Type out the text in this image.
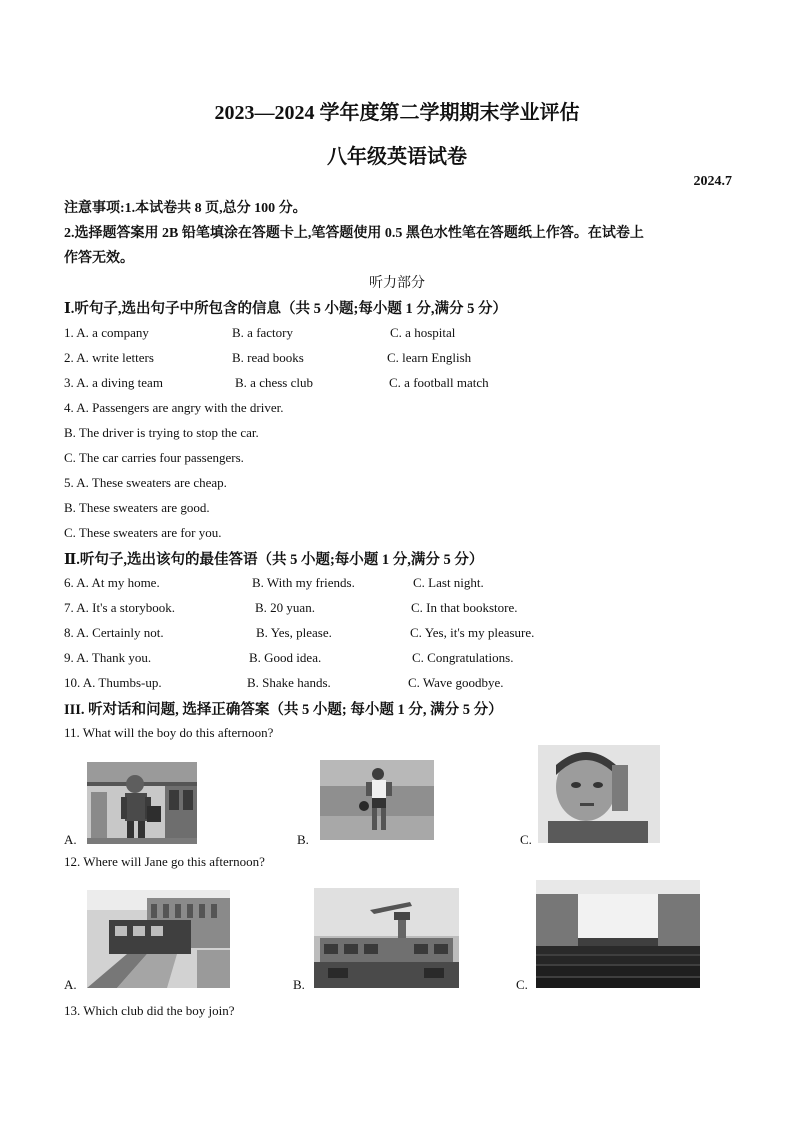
2023—2024 学年度第二学期期末学业评估
八年级英语试卷
2024.7
注意事项:1.本试卷共 8 页,总分 100 分。
2.选择题答案用 2B 铅笔填涂在答题卡上,笔答题使用 0.5 黑色水性笔在答题纸上作答。在试卷上
作答无效。
听力部分
Ⅰ.听句子,选出句子中所包含的信息（共 5 小题;每小题 1 分,满分 5 分）
1. A. a company	B. a factory	C. a hospital
2. A. write letters	B. read books	C. learn English
3. A. a diving team	B. a chess club	C. a football match
4. A. Passengers are angry with the driver.
B. The driver is trying to stop the car.
C. The car carries four passengers.
5. A. These sweaters are cheap.
B. These sweaters are good.
C. These sweaters are for you.
Ⅱ.听句子,选出该句的最佳答语（共 5 小题;每小题 1 分,满分 5 分）
6. A. At my home.	B. With my friends.	C. Last night.
7. A. It's a storybook.	B. 20 yuan.	C. In that bookstore.
8. A. Certainly not.	B. Yes, please.	C. Yes, it's my pleasure.
9. A. Thank you.	B. Good idea.	C. Congratulations.
10. A. Thumbs-up.	B. Shake hands.	C. Wave goodbye.
III. 听对话和问题, 选择正确答案（共 5 小题; 每小题 1 分, 满分 5 分）
11. What will the boy do this afternoon?
A.	B.	C.
12. Where will Jane go this afternoon?
A.	B.	C.
13. Which club did the boy join?
